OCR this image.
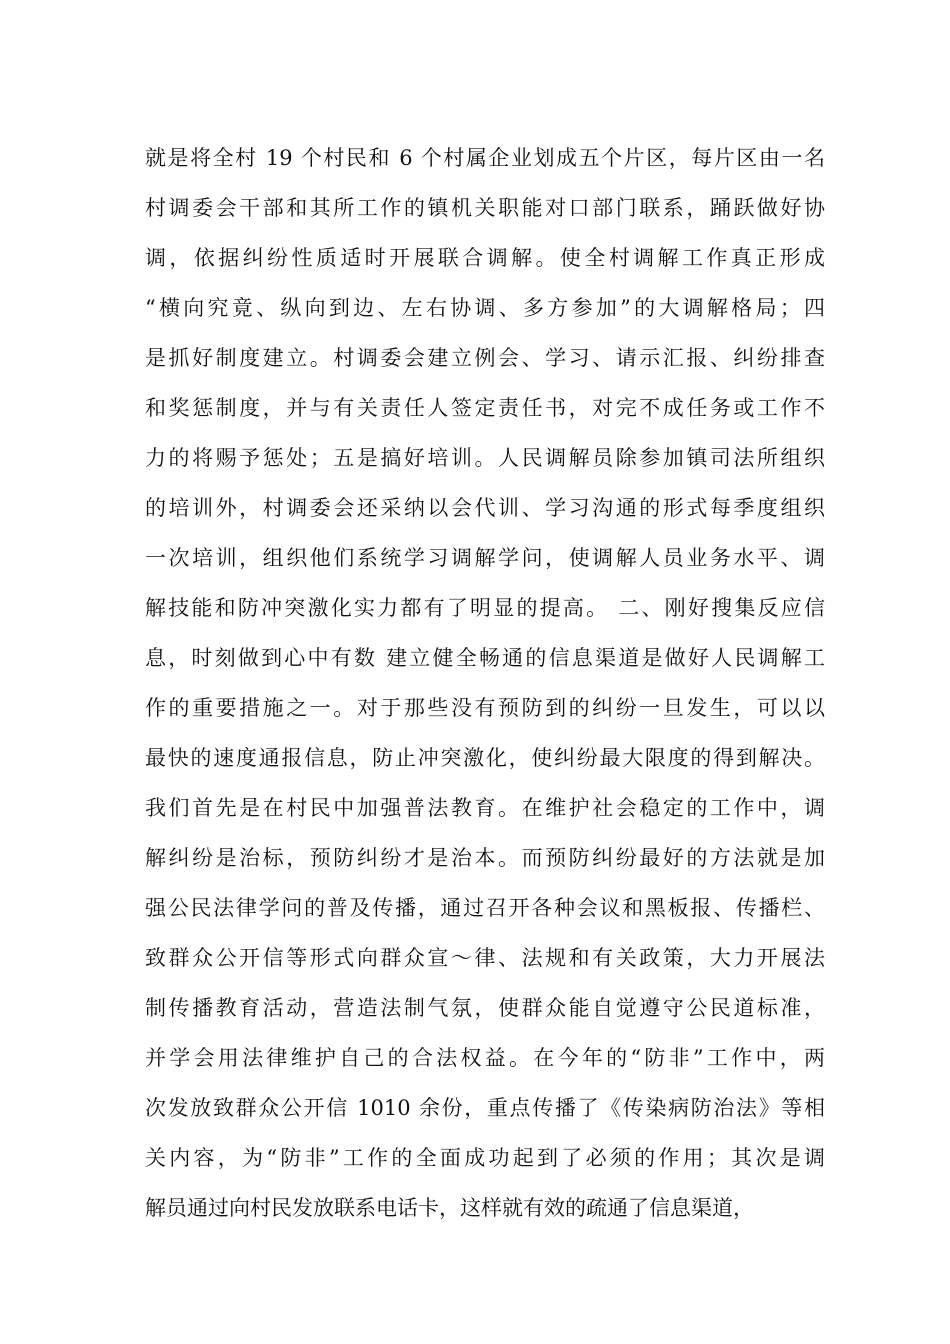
就是将全村 19 个村民和 6 个村属企业划成五个片区，每片区由一名
村调委会干部和其所工作的镇机关职能对口部门联系，踊跃做好协
调，依据纠纷性质适时开展联合调解。使全村调解工作真正形成
“横向究竟、纵向到边、左右协调、多方参加”的大调解格局；四
是抓好制度建立。村调委会建立例会、学习、请示汇报、纠纷排查
和奖惩制度，并与有关责任人签定责任书，对完不成任务或工作不
力的将赐予惩处；五是搞好培训。人民调解员除参加镇司法所组织
的培训外，村调委会还采纳以会代训、学习沟通的形式每季度组织
一次培训，组织他们系统学习调解学问，使调解人员业务水平、调
解技能和防冲突激化实力都有了明显的提高。 二、刚好搜集反应信
息，时刻做到心中有数 建立健全畅通的信息渠道是做好人民调解工
作的重要措施之一。对于那些没有预防到的纠纷一旦发生，可以以
最快的速度通报信息，防止冲突激化，使纠纷最大限度的得到解决。
我们首先是在村民中加强普法教育。在维护社会稳定的工作中，调
解纠纷是治标，预防纠纷才是治本。而预防纠纷最好的方法就是加
强公民法律学问的普及传播，通过召开各种会议和黑板报、传播栏、
致群众公开信等形式向群众宣～律、法规和有关政策，大力开展法
制传播教育活动，营造法制气氛，使群众能自觉遵守公民道标准，
并学会用法律维护自己的合法权益。在今年的“防非”工作中，两
次发放致群众公开信 1010 余份，重点传播了《传染病防治法》等相
关内容，为“防非”工作的全面成功起到了必须的作用；其次是调
解员通过向村民发放联系电话卡，这样就有效的疏通了信息渠道，
